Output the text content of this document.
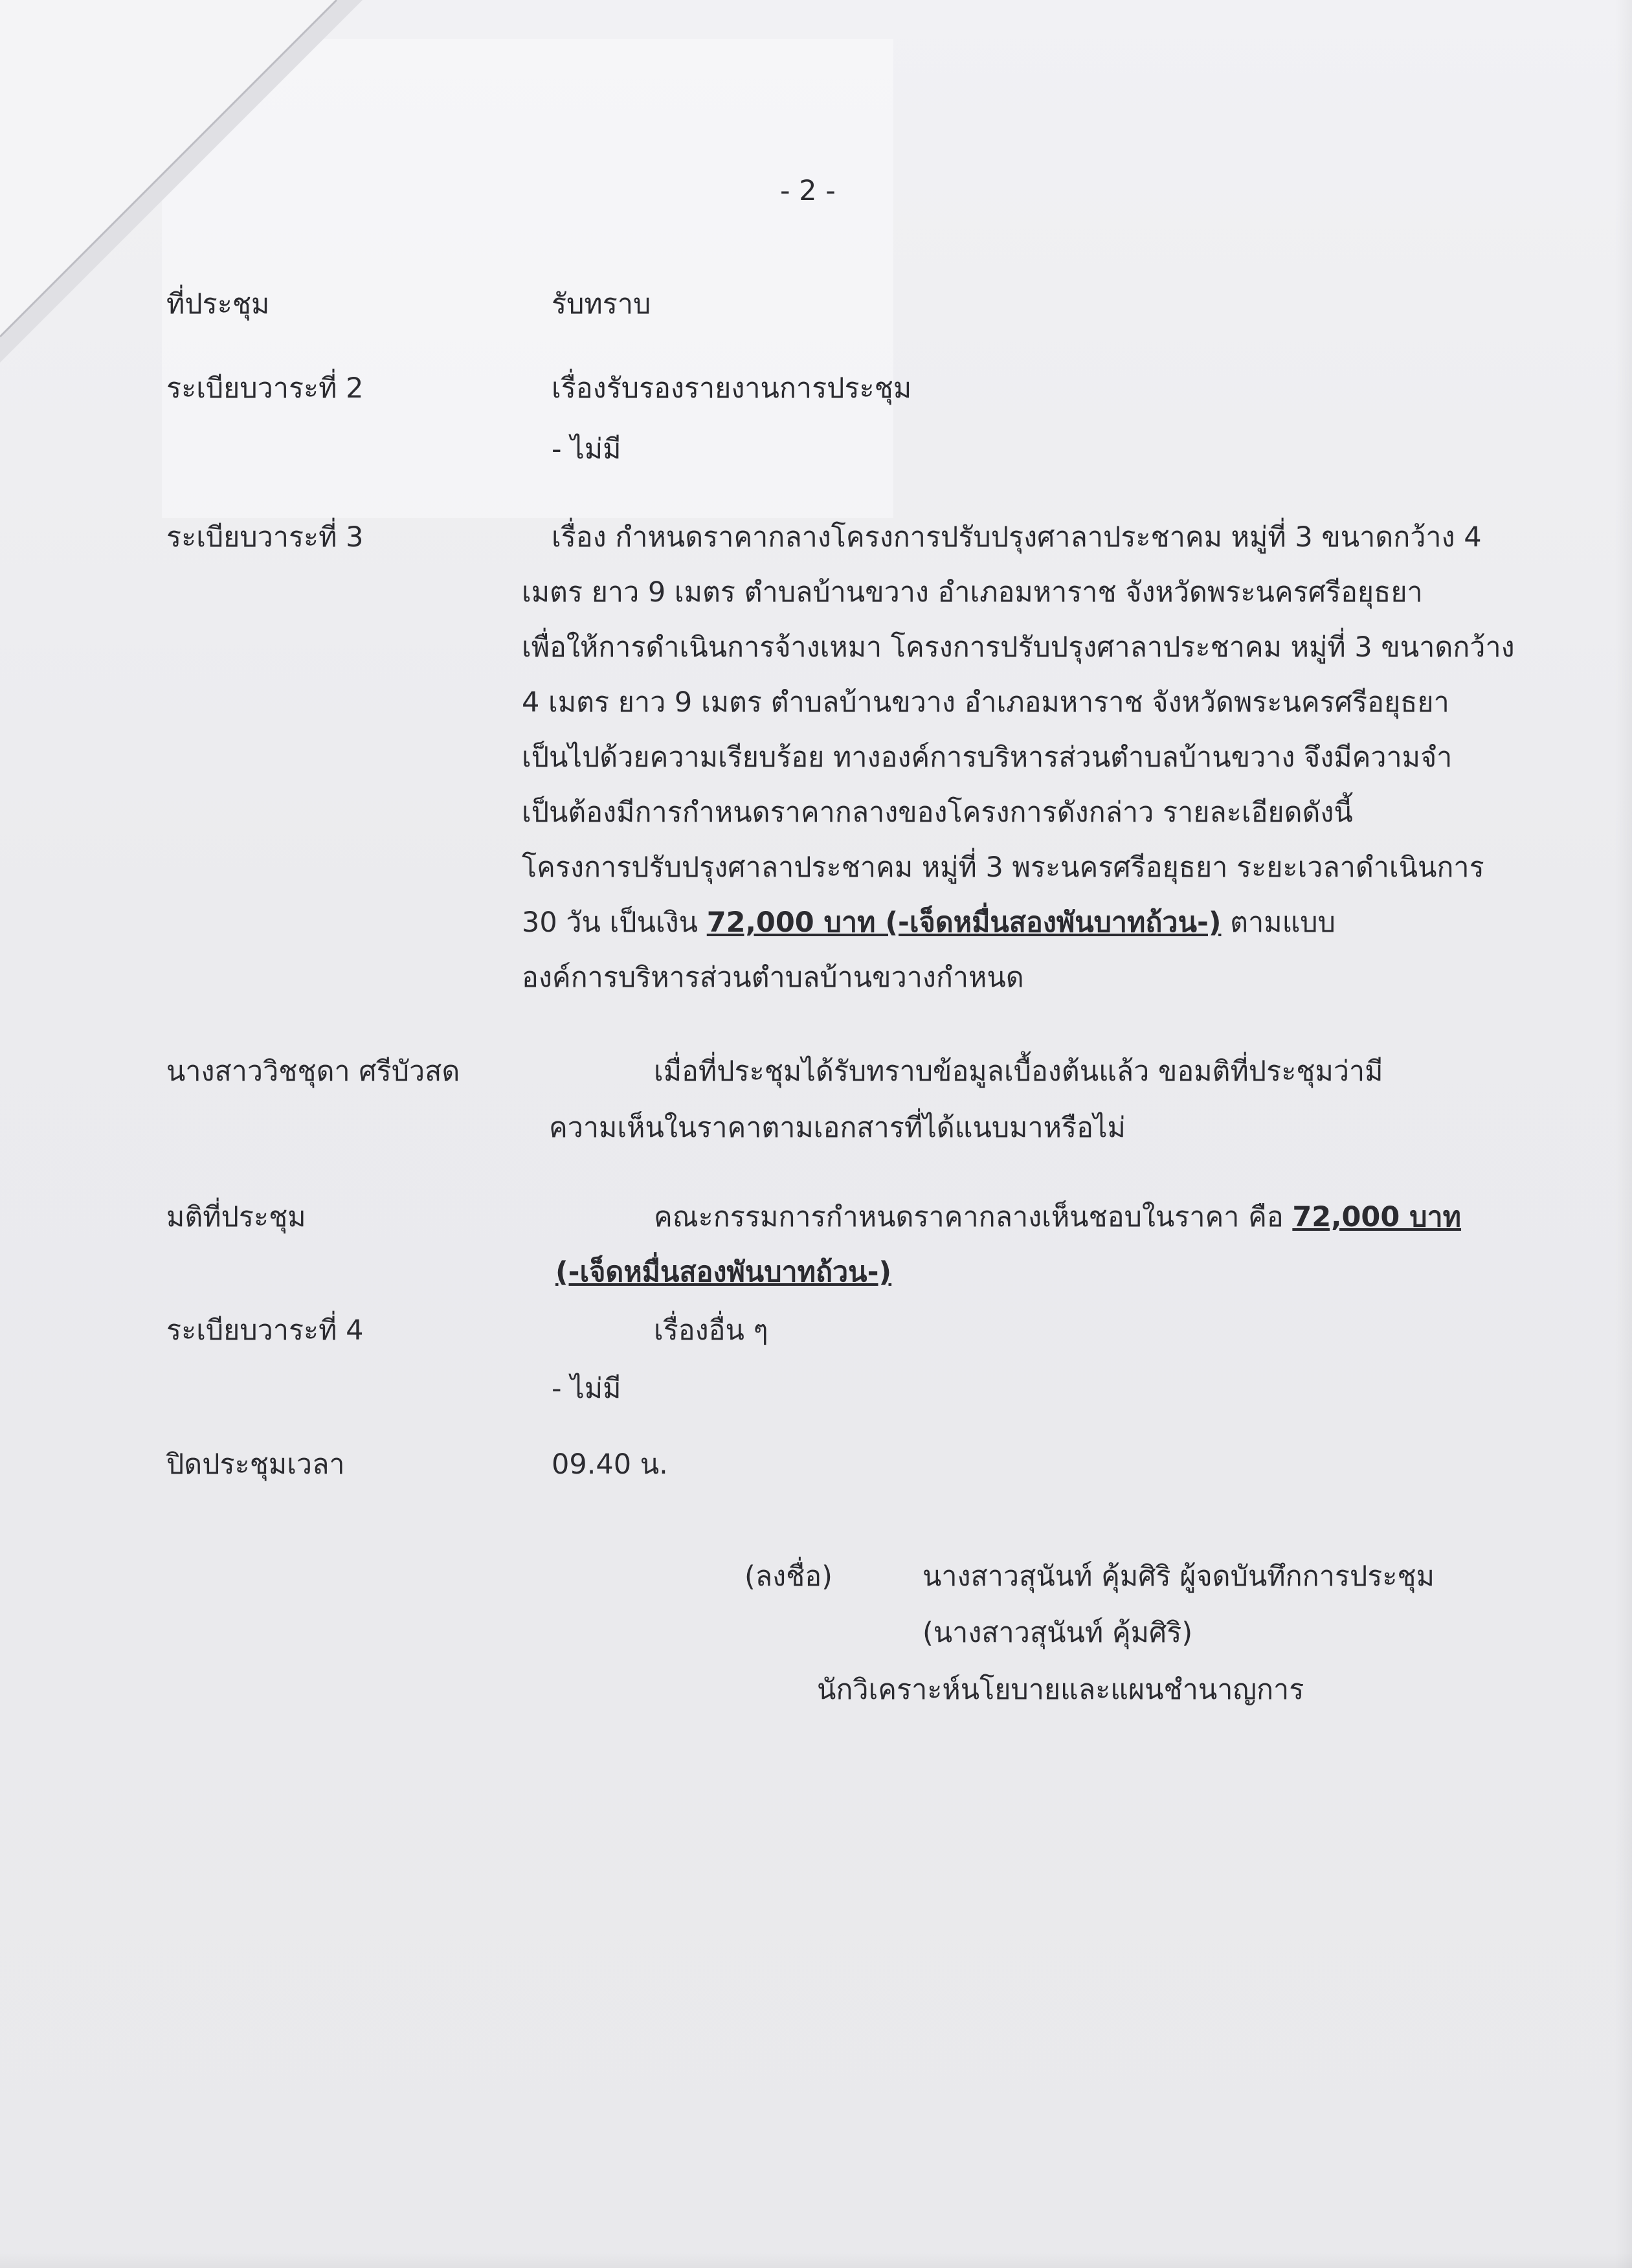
- 2 -
ที่ประชุม	รับทราบ
ระเบียบวาระที่ 2	เรื่องรับรองรายงานการประชุม
- ไม่มี
ระเบียบวาระที่ 3	เรื่อง กำหนดราคากลางโครงการปรับปรุงศาลาประชาคม หมู่ที่ 3 ขนาดกว้าง 4
เมตร ยาว 9 เมตร ตำบลบ้านขวาง อำเภอมหาราช จังหวัดพระนครศรีอยุธยา
เพื่อให้การดำเนินการจ้างเหมา โครงการปรับปรุงศาลาประชาคม หมู่ที่ 3 ขนาดกว้าง
4 เมตร ยาว 9 เมตร ตำบลบ้านขวาง อำเภอมหาราช จังหวัดพระนครศรีอยุธยา
เป็นไปด้วยความเรียบร้อย ทางองค์การบริหารส่วนตำบลบ้านขวาง จึงมีความจำ
เป็นต้องมีการกำหนดราคากลางของโครงการดังกล่าว รายละเอียดดังนี้
โครงการปรับปรุงศาลาประชาคม หมู่ที่ 3 พระนครศรีอยุธยา ระยะเวลาดำเนินการ
30 วัน เป็นเงิน 72,000 บาท (-เจ็ดหมื่นสองพันบาทถ้วน-) ตามแบบ
องค์การบริหารส่วนตำบลบ้านขวางกำหนด
นางสาววิชชุดา ศรีบัวสด	เมื่อที่ประชุมได้รับทราบข้อมูลเบื้องต้นแล้ว ขอมติที่ประชุมว่ามี
ความเห็นในราคาตามเอกสารที่ได้แนบมาหรือไม่
มติที่ประชุม	คณะกรรมการกำหนดราคากลางเห็นชอบในราคา คือ 72,000 บาท
(-เจ็ดหมื่นสองพันบาทถ้วน-)
ระเบียบวาระที่ 4	เรื่องอื่น ๆ
- ไม่มี
ปิดประชุมเวลา	09.40 น.
(ลงชื่อ)	นางสาวสุนันท์ คุ้มศิริ ผู้จดบันทึกการประชุม
(นางสาวสุนันท์ คุ้มศิริ)
นักวิเคราะห์นโยบายและแผนชำนาญการ
